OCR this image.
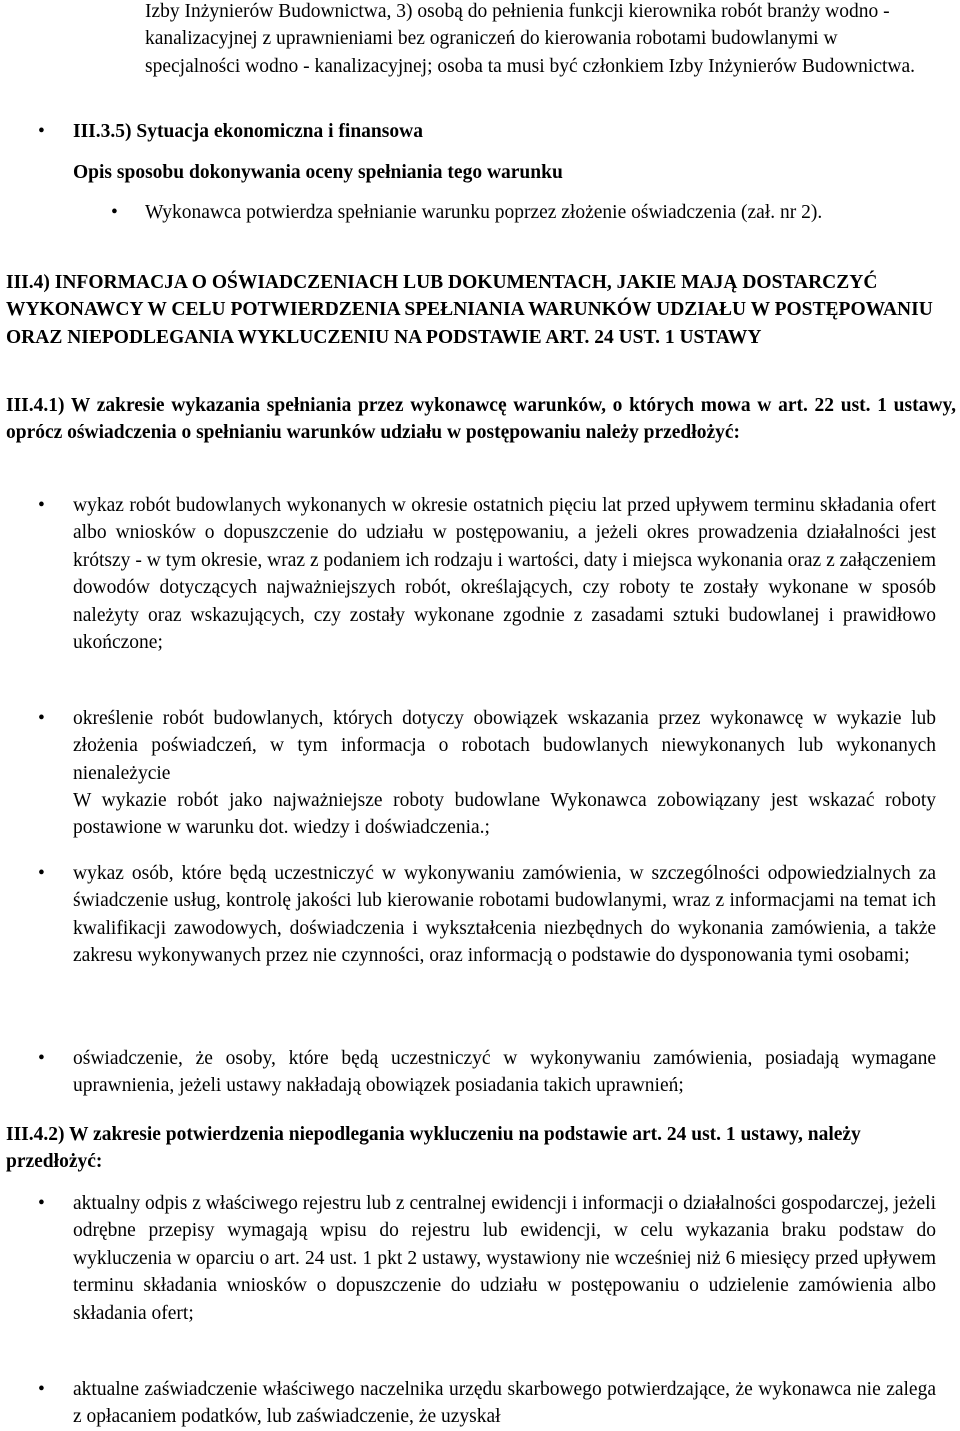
Izby Inżynierów Budownictwa, 3) osobą do pełnienia funkcji kierownika robót branży wodno - kanalizacyjnej z uprawnieniami bez ograniczeń do kierowania robotami budowlanymi w specjalności wodno - kanalizacyjnej; osoba ta musi być członkiem Izby Inżynierów Budownictwa.

• III.3.5) Sytuacja ekonomiczna i finansowa

Opis sposobu dokonywania oceny spełniania tego warunku

• Wykonawca potwierdza spełnianie warunku poprzez złożenie oświadczenia (zał. nr 2).

III.4) INFORMACJA O OŚWIADCZENIACH LUB DOKUMENTACH, JAKIE MAJĄ DOSTARCZYĆ WYKONAWCY W CELU POTWIERDZENIA SPEŁNIANIA WARUNKÓW UDZIAŁU W POSTĘPOWANIU ORAZ NIEPODLEGANIA WYKLUCZENIU NA PODSTAWIE ART. 24 UST. 1 USTAWY

III.4.1) W zakresie wykazania spełniania przez wykonawcę warunków, o których mowa w art. 22 ust. 1 ustawy, oprócz oświadczenia o spełnianiu warunków udziału w postępowaniu należy przedłożyć:

•	wykaz robót budowlanych wykonanych w okresie ostatnich pięciu lat przed upływem terminu składania ofert albo wniosków o dopuszczenie do udziału w postępowaniu, a jeżeli okres prowadzenia działalności jest krótszy - w tym okresie, wraz z podaniem ich rodzaju i wartości, daty i miejsca wykonania oraz z załączeniem dowodów dotyczących najważniejszych robót, określających, czy roboty te zostały wykonane w sposób należyty oraz wskazujących, czy zostały wykonane zgodnie z zasadami sztuki budowlanej i prawidłowo ukończone;

•	określenie robót budowlanych, których dotyczy obowiązek wskazania przez wykonawcę w wykazie lub złożenia poświadczeń, w tym informacja o robotach budowlanych niewykonanych lub wykonanych nienależycie

W wykazie robót jako najważniejsze roboty budowlane Wykonawca zobowiązany jest wskazać roboty postawione w warunku dot. wiedzy i doświadczenia.;

•	wykaz osób, które będą uczestniczyć w wykonywaniu zamówienia, w szczególności odpowiedzialnych za świadczenie usług, kontrolę jakości lub kierowanie robotami budowlanymi, wraz z informacjami na temat ich kwalifikacji zawodowych, doświadczenia i wykształcenia niezbędnych do wykonania zamówienia, a także zakresu wykonywanych przez nie czynności, oraz informacją o podstawie do dysponowania tymi osobami;

•	oświadczenie, że osoby, które będą uczestniczyć w wykonywaniu zamówienia, posiadają wymagane uprawnienia, jeżeli ustawy nakładają obowiązek posiadania takich uprawnień;

III.4.2) W zakresie potwierdzenia niepodlegania wykluczeniu na podstawie art. 24 ust. 1 ustawy, należy przedłożyć:

•	aktualny odpis z właściwego rejestru lub z centralnej ewidencji i informacji o działalności gospodarczej, jeżeli odrębne przepisy wymagają wpisu do rejestru lub ewidencji, w celu wykazania braku podstaw do wykluczenia w oparciu o art. 24 ust. 1 pkt 2 ustawy, wystawiony nie wcześniej niż 6 miesięcy przed upływem terminu składania wniosków o dopuszczenie do udziału w postępowaniu o udzielenie zamówienia albo składania ofert;

•	aktualne zaświadczenie właściwego naczelnika urzędu skarbowego potwierdzające, że wykonawca nie zalega z opłacaniem podatków, lub zaświadczenie, że uzyskał
